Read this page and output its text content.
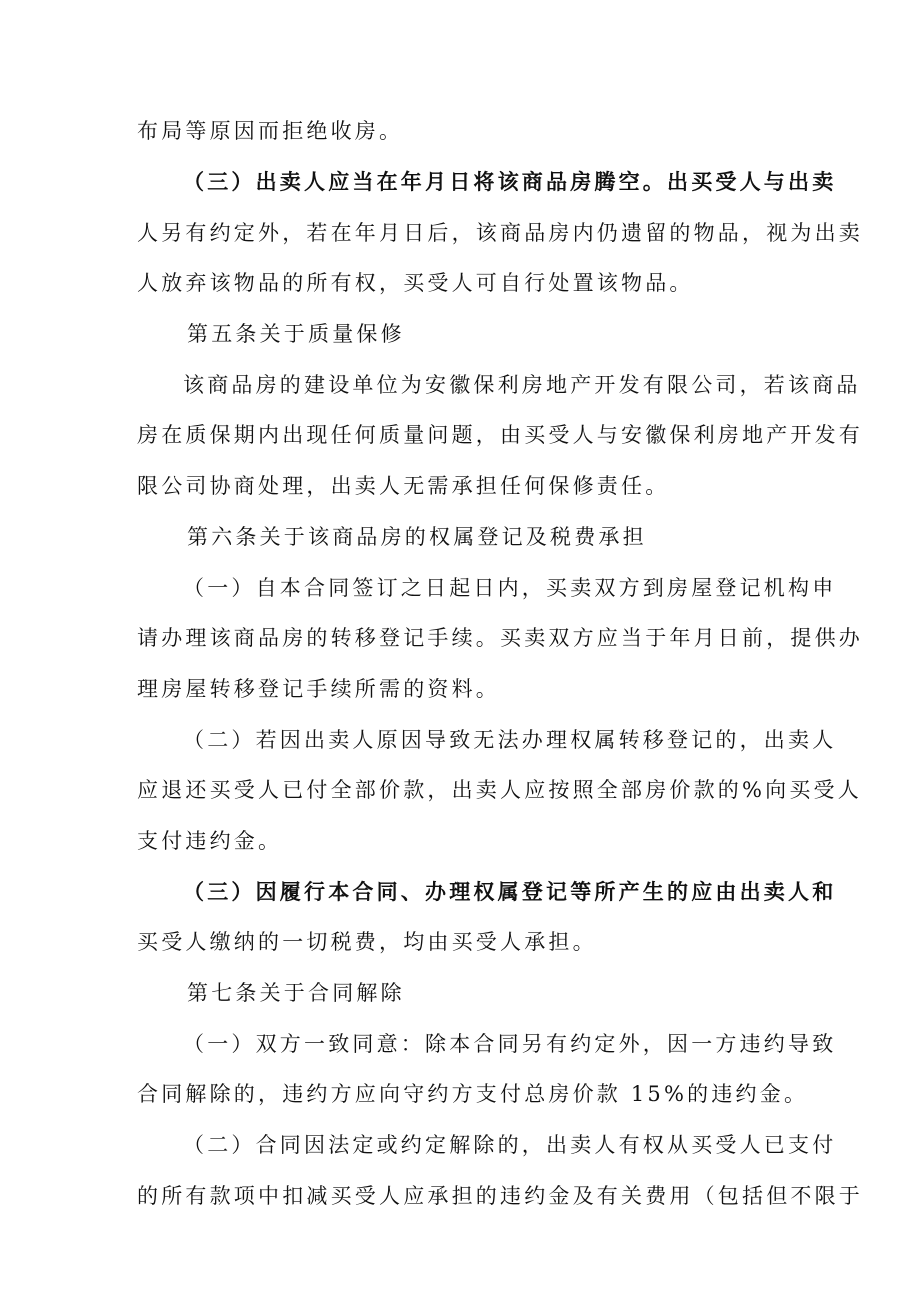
布局等原因而拒绝收房。
（三）出卖人应当在年月日将该商品房腾空。出买受人与出卖
人另有约定外，若在年月日后，该商品房内仍遗留的物品，视为出卖
人放弃该物品的所有权，买受人可自行处置该物品。
第五条关于质量保修
该商品房的建设单位为安徽保利房地产开发有限公司，若该商品
房在质保期内出现任何质量问题，由买受人与安徽保利房地产开发有
限公司协商处理，出卖人无需承担任何保修责任。
第六条关于该商品房的权属登记及税费承担
（一）自本合同签订之日起日内，买卖双方到房屋登记机构申
请办理该商品房的转移登记手续。买卖双方应当于年月日前，提供办
理房屋转移登记手续所需的资料。
（二）若因出卖人原因导致无法办理权属转移登记的，出卖人
应退还买受人已付全部价款，出卖人应按照全部房价款的%向买受人
支付违约金。
（三）因履行本合同、办理权属登记等所产生的应由出卖人和
买受人缴纳的一切税费，均由买受人承担。
第七条关于合同解除
（一）双方一致同意：除本合同另有约定外，因一方违约导致
合同解除的，违约方应向守约方支付总房价款 15%的违约金。
（二）合同因法定或约定解除的，出卖人有权从买受人已支付
的所有款项中扣减买受人应承担的违约金及有关费用（包括但不限于
